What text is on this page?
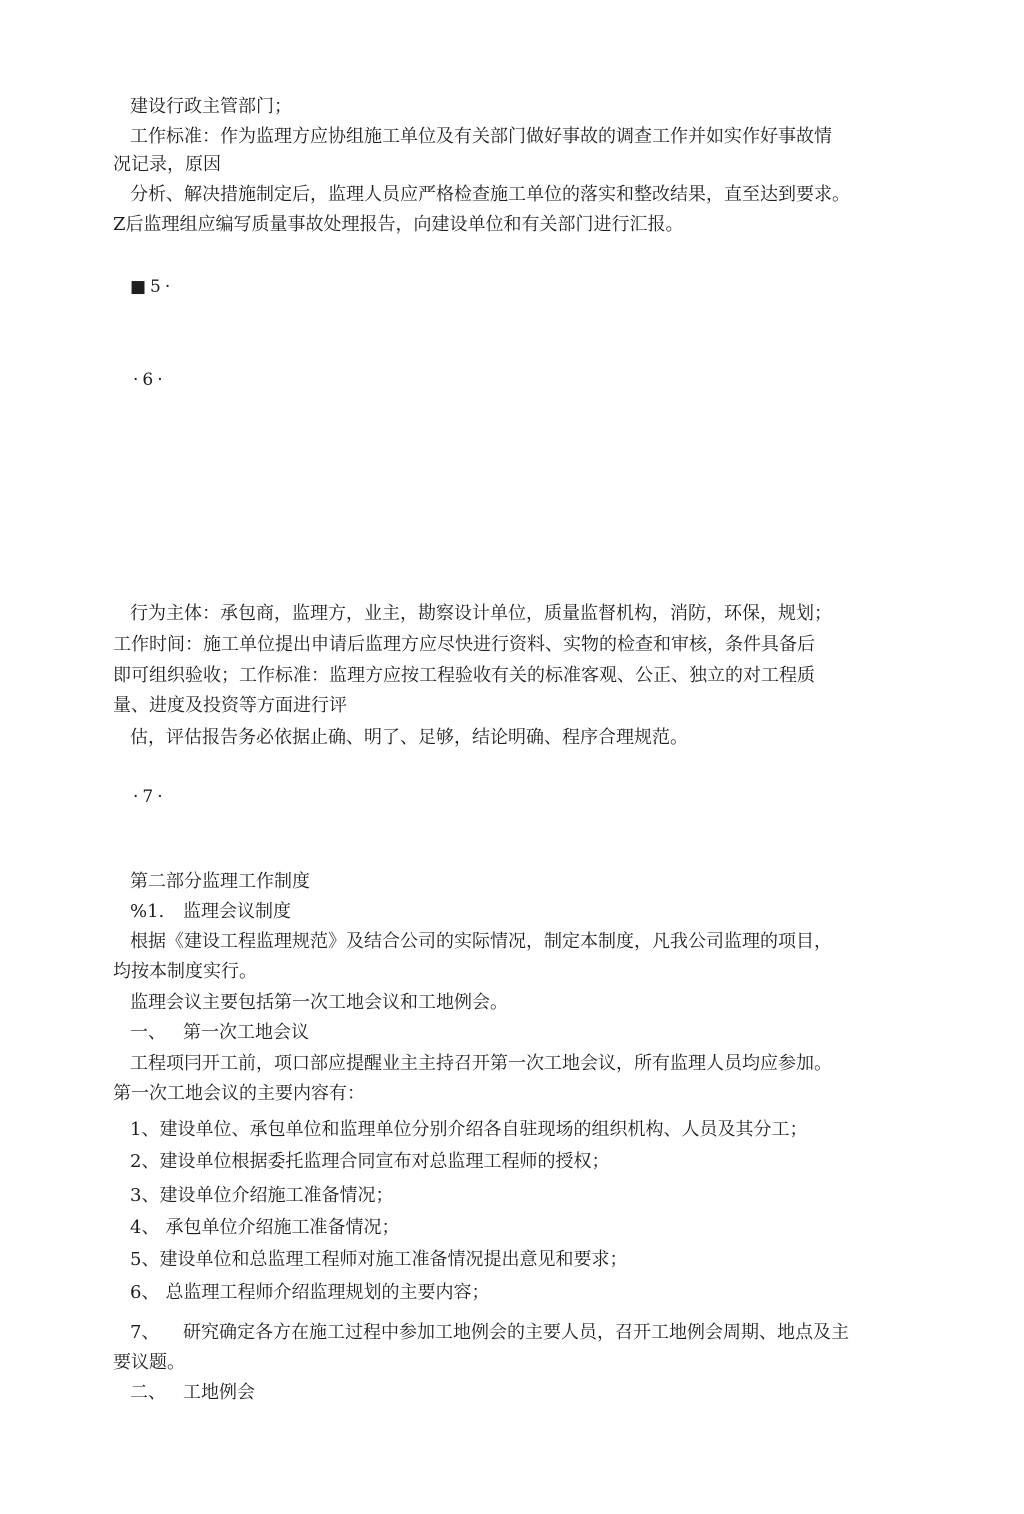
建设行政主管部门；
工作标准：作为监理方应协组施工单位及有关部门做好事故的调查工作并如实作好事故情
况记录，原因
分析、解决措施制定后，监理人员应严格检查施工单位的落实和整改结果，直至达到要求。
Z后监理组应编写质量事故处理报告，向建设单位和有关部门进行汇报。
■5·
·6·
行为主体：承包商，监理方，业主，勘察设计单位，质量监督机构，消防，环保，规划；
工作时间：施工单位提出申请后监理方应尽快进行资料、实物的检查和审核，条件具备后
即可组织验收；工作标准：监理方应按工程验收有关的标准客观、公正、独立的对工程质
量、进度及投资等方面进行评
估，评估报告务必依据止确、明了、足够，结论明确、程序合理规范。
·7·
第二部分监理工作制度
%1. 监理会议制度
根据《建设工程监理规范》及结合公司的实际情况，制定本制度，凡我公司监理的项目，
均按本制度实行。
监理会议主要包括第一次工地会议和工地例会。
一、 第一次工地会议
工程项冃开工前，项口部应提醒业主主持召开第一次工地会议，所有监理人员均应参加。
第一次工地会议的主要内容有：
1、建设单位、承包单位和监理单位分别介绍各自驻现场的组织机构、人员及其分工；
2、建设单位根据委托监理合同宣布对总监理工程师的授权；
3、建设单位介绍施工准备情况；
4、 承包单位介绍施工准备情况；
5、建设单位和总监理工程师对施工准备情况提出意见和要求；
6、 总监理工程师介绍监理规划的主要内容；
7、 研究确定各方在施工过程中参加工地例会的主要人员，召开工地例会周期、地点及主
要议题。
二、 工地例会
